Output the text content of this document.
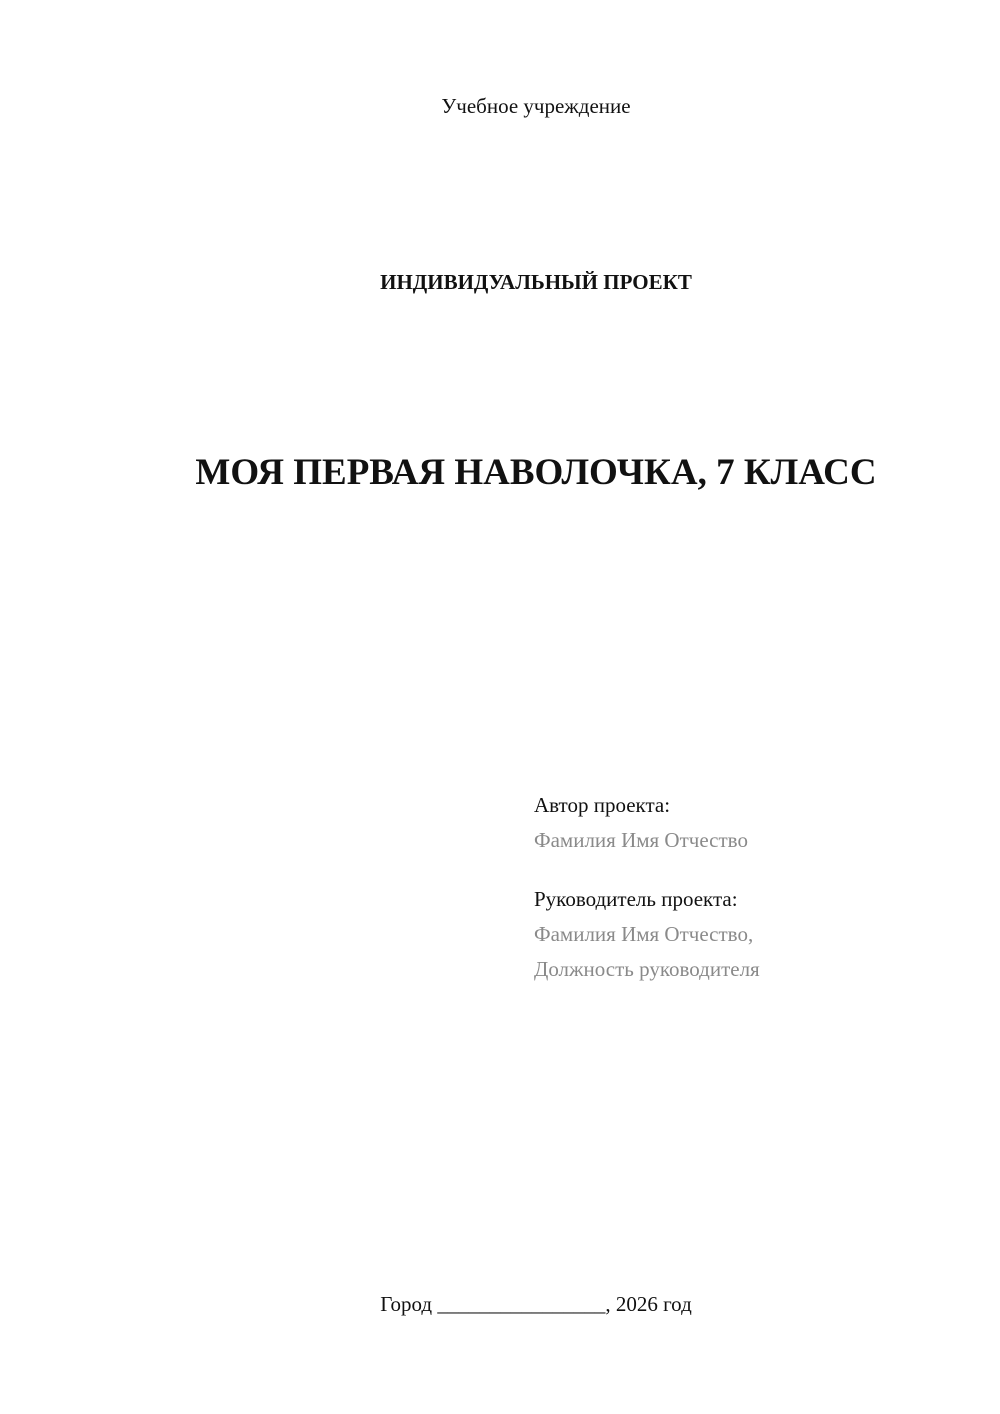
Учебное учреждение
ИНДИВИДУАЛЬНЫЙ ПРОЕКТ
МОЯ ПЕРВАЯ НАВОЛОЧКА, 7 КЛАСС
Автор проекта:
Фамилия Имя Отчество
Руководитель проекта:
Фамилия Имя Отчество,
Должность руководителя
Город ________________, 2026 год
